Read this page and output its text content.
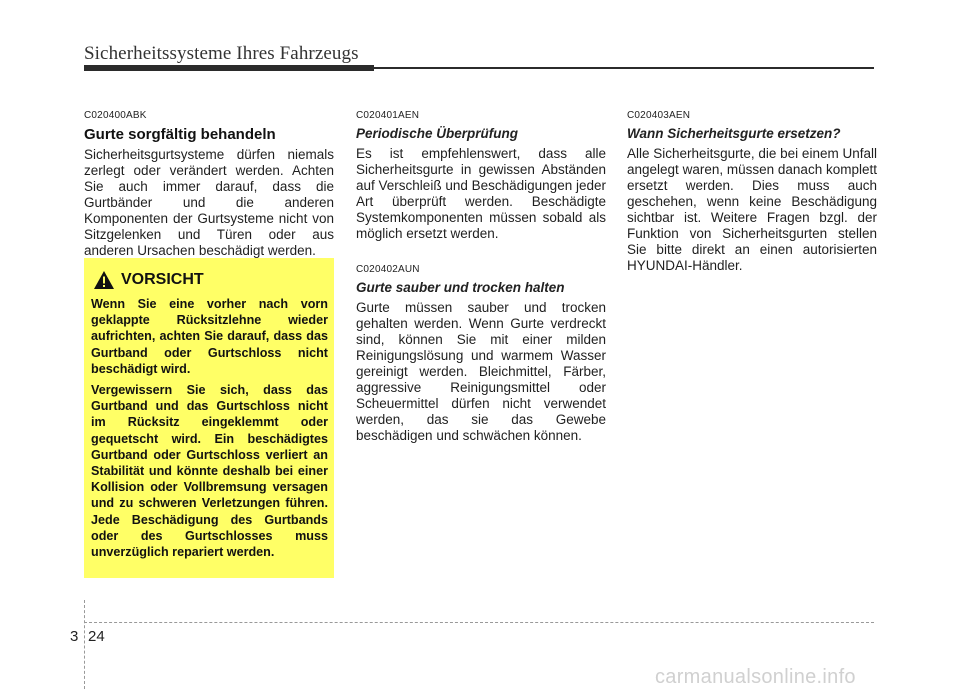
Sicherheitssysteme Ihres Fahrzeugs
C020400ABK
Gurte sorgfältig behandeln

Sicherheitsgurtsysteme dürfen niemals zerlegt oder verändert werden. Achten Sie auch immer darauf, dass die Gurtbänder und die anderen Komponenten der Gurtsysteme nicht von Sitzgelenken und Türen oder aus anderen Ursachen beschädigt werden.

VORSICHT

Wenn Sie eine vorher nach vorn geklappte Rücksitzlehne wieder aufrichten, achten Sie darauf, dass das Gurtband oder Gurtschloss nicht beschädigt wird.

Vergewissern Sie sich, dass das Gurtband und das Gurtschloss nicht im Rücksitz eingeklemmt oder gequetscht wird. Ein beschädigtes Gurtband oder Gurtschloss verliert an Stabilität und könnte deshalb bei einer Kollision oder Vollbremsung versagen und zu schweren Verletzungen führen. Jede Beschädigung des Gurtbands oder des Gurtschlosses muss unverzüglich repariert werden.

C020401AEN
Periodische Überprüfung

Es ist empfehlenswert, dass alle Sicherheitsgurte in gewissen Abständen auf Verschleiß und Beschädigungen jeder Art überprüft werden. Beschädigte Systemkomponenten müssen sobald als möglich ersetzt werden.

C020402AUN
Gurte sauber und trocken halten

Gurte müssen sauber und trocken gehalten werden. Wenn Gurte verdreckt sind, können Sie mit einer milden Reinigungslösung und warmem Wasser gereinigt werden. Bleichmittel, Färber, aggressive Reinigungsmittel oder Scheuermittel dürfen nicht verwendet werden, das sie das Gewebe beschädigen und schwächen können.

C020403AEN
Wann Sicherheitsgurte ersetzen?

Alle Sicherheitsgurte, die bei einem Unfall angelegt waren, müssen danach komplett ersetzt werden. Dies muss auch geschehen, wenn keine Beschädigung sichtbar ist. Weitere Fragen bzgl. der Funktion von Sicherheitsgurten stellen Sie bitte direkt an einen autorisierten HYUNDAI-Händler.

3 24
carmanualsonline.info
